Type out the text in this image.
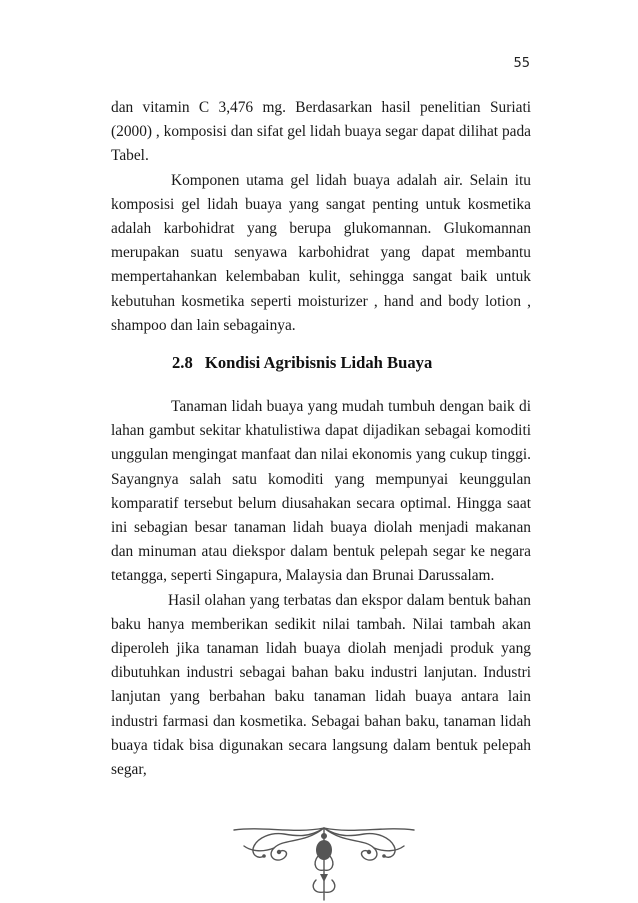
55

dan vitamin C 3,476 mg. Berdasarkan hasil penelitian Suriati (2000) , komposisi dan sifat gel lidah buaya segar dapat dilihat pada Tabel.

Komponen utama gel lidah buaya adalah air. Selain itu komposisi gel lidah buaya yang sangat penting untuk kosmetika adalah karbohidrat yang berupa glukomannan. Glukomannan merupakan suatu senyawa karbohidrat yang dapat membantu mempertahankan kelembaban kulit, sehingga sangat baik untuk kebutuhan kosmetika seperti moisturizer , hand and body lotion , shampoo dan lain sebagainya.

2.8 Kondisi Agribisnis Lidah Buaya

Tanaman lidah buaya yang mudah tumbuh dengan baik di lahan gambut sekitar khatulistiwa dapat dijadikan sebagai komoditi unggulan mengingat manfaat dan nilai ekonomis yang cukup tinggi. Sayangnya salah satu komoditi yang mempunyai keunggulan komparatif tersebut belum diusahakan secara optimal. Hingga saat ini sebagian besar tanaman lidah buaya diolah menjadi makanan dan minuman atau diekspor dalam bentuk pelepah segar ke negara tetangga, seperti Singapura, Malaysia dan Brunai Darussalam.

Hasil olahan yang terbatas dan ekspor dalam bentuk bahan baku hanya memberikan sedikit nilai tambah. Nilai tambah akan diperoleh jika tanaman lidah buaya diolah menjadi produk yang dibutuhkan industri sebagai bahan baku industri lanjutan. Industri lanjutan yang berbahan baku tanaman lidah buaya antara lain industri farmasi dan kosmetika. Sebagai bahan baku, tanaman lidah buaya tidak bisa digunakan secara langsung dalam bentuk pelepah segar,
